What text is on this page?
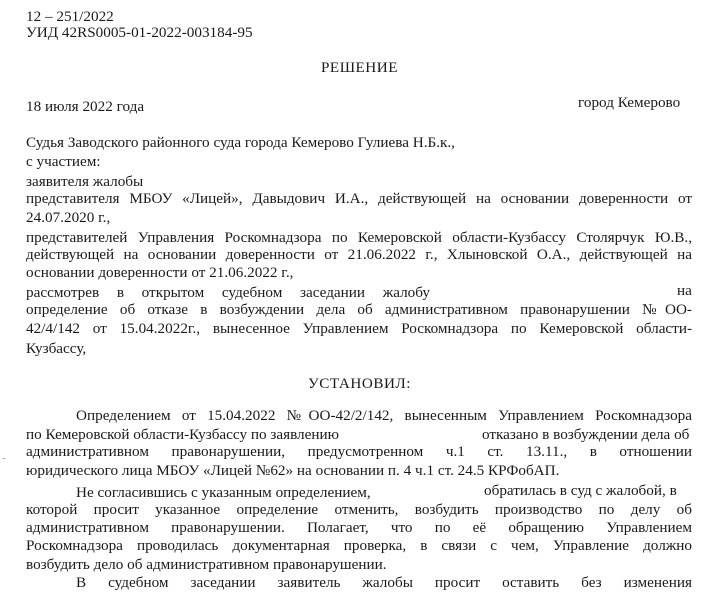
12 – 251/2022
УИД 42RS0005-01-2022-003184-95
РЕШЕНИЕ
18 июля 2022 года	город Кемерово
Судья Заводского районного суда города Кемерово Гулиева Н.Б.к.,
с участием:
заявителя жалобы
представителя МБОУ «Лицей», Давыдович И.А., действующей на основании доверенности от
24.07.2020 г.,
представителей Управления Роскомнадзора по Кемеровской области-Кузбассу Столярчук Ю.В.,
действующей на основании доверенности от 21.06.2022 г., Хлыновской О.А., действующей на
основании доверенности от 21.06.2022 г.,
рассмотрев в открытом судебном заседании жалобу	на
определение об отказе в возбуждении дела об административном правонарушении №ОО-
42/4/142 от 15.04.2022г., вынесенное Управлением Роскомнадзора по Кемеровской области-
Кузбассу,
УСТАНОВИЛ:
Определением от 15.04.2022 №ОО-42/2/142, вынесенным Управлением Роскомнадзора
по Кемеровской области-Кузбассу по заявлению	отказано в возбуждении дела об
административном правонарушении, предусмотренном ч.1 ст. 13.11., в отношении
юридического лица МБОУ «Лицей №62» на основании п. 4 ч.1 ст. 24.5 КРФобАП.
Не согласившись с указанным определением,	обратилась в суд с жалобой, в
которой просит указанное определение отменить, возбудить производство по делу об
административном правонарушении. Полагает, что по её обращению Управлением
Роскомнадзора проводилась документарная проверка, в связи с чем, Управление должно
возбудить дело об административном правонарушении.
В судебном заседании заявитель жалобы просит оставить без изменения
-
